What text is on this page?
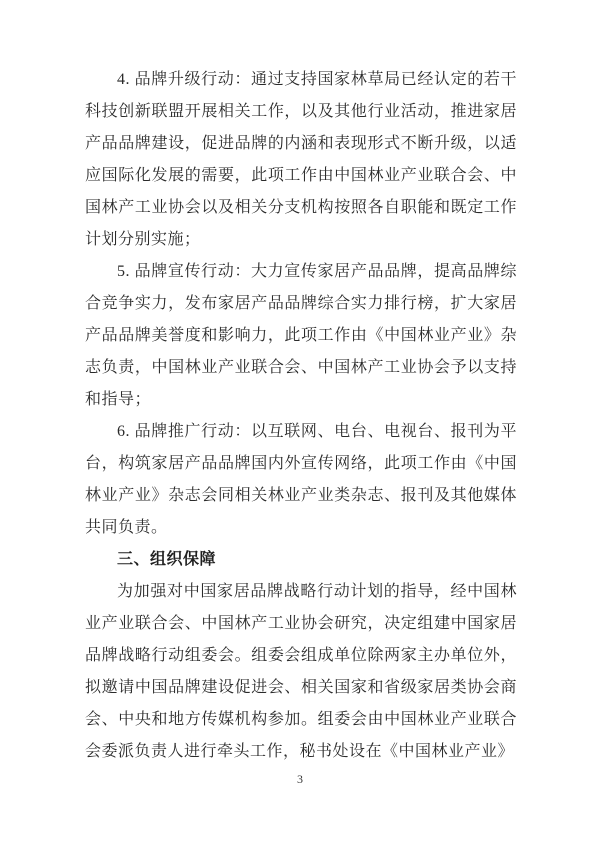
4. 品牌升级行动：通过支持国家林草局已经认定的若干科技创新联盟开展相关工作，以及其他行业活动，推进家居产品品牌建设，促进品牌的内涵和表现形式不断升级，以适应国际化发展的需要，此项工作由中国林业产业联合会、中国林产工业协会以及相关分支机构按照各自职能和既定工作计划分别实施；

5. 品牌宣传行动：大力宣传家居产品品牌，提高品牌综合竞争实力，发布家居产品品牌综合实力排行榜，扩大家居产品品牌美誉度和影响力，此项工作由《中国林业产业》杂志负责，中国林业产业联合会、中国林产工业协会予以支持和指导；

6. 品牌推广行动：以互联网、电台、电视台、报刊为平台，构筑家居产品品牌国内外宣传网络，此项工作由《中国林业产业》杂志会同相关林业产业类杂志、报刊及其他媒体共同负责。

三、组织保障

为加强对中国家居品牌战略行动计划的指导，经中国林业产业联合会、中国林产工业协会研究，决定组建中国家居品牌战略行动组委会。组委会组成单位除两家主办单位外，拟邀请中国品牌建设促进会、相关国家和省级家居类协会商会、中央和地方传媒机构参加。组委会由中国林业产业联合会委派负责人进行牵头工作，秘书处设在《中国林业产业》

3
